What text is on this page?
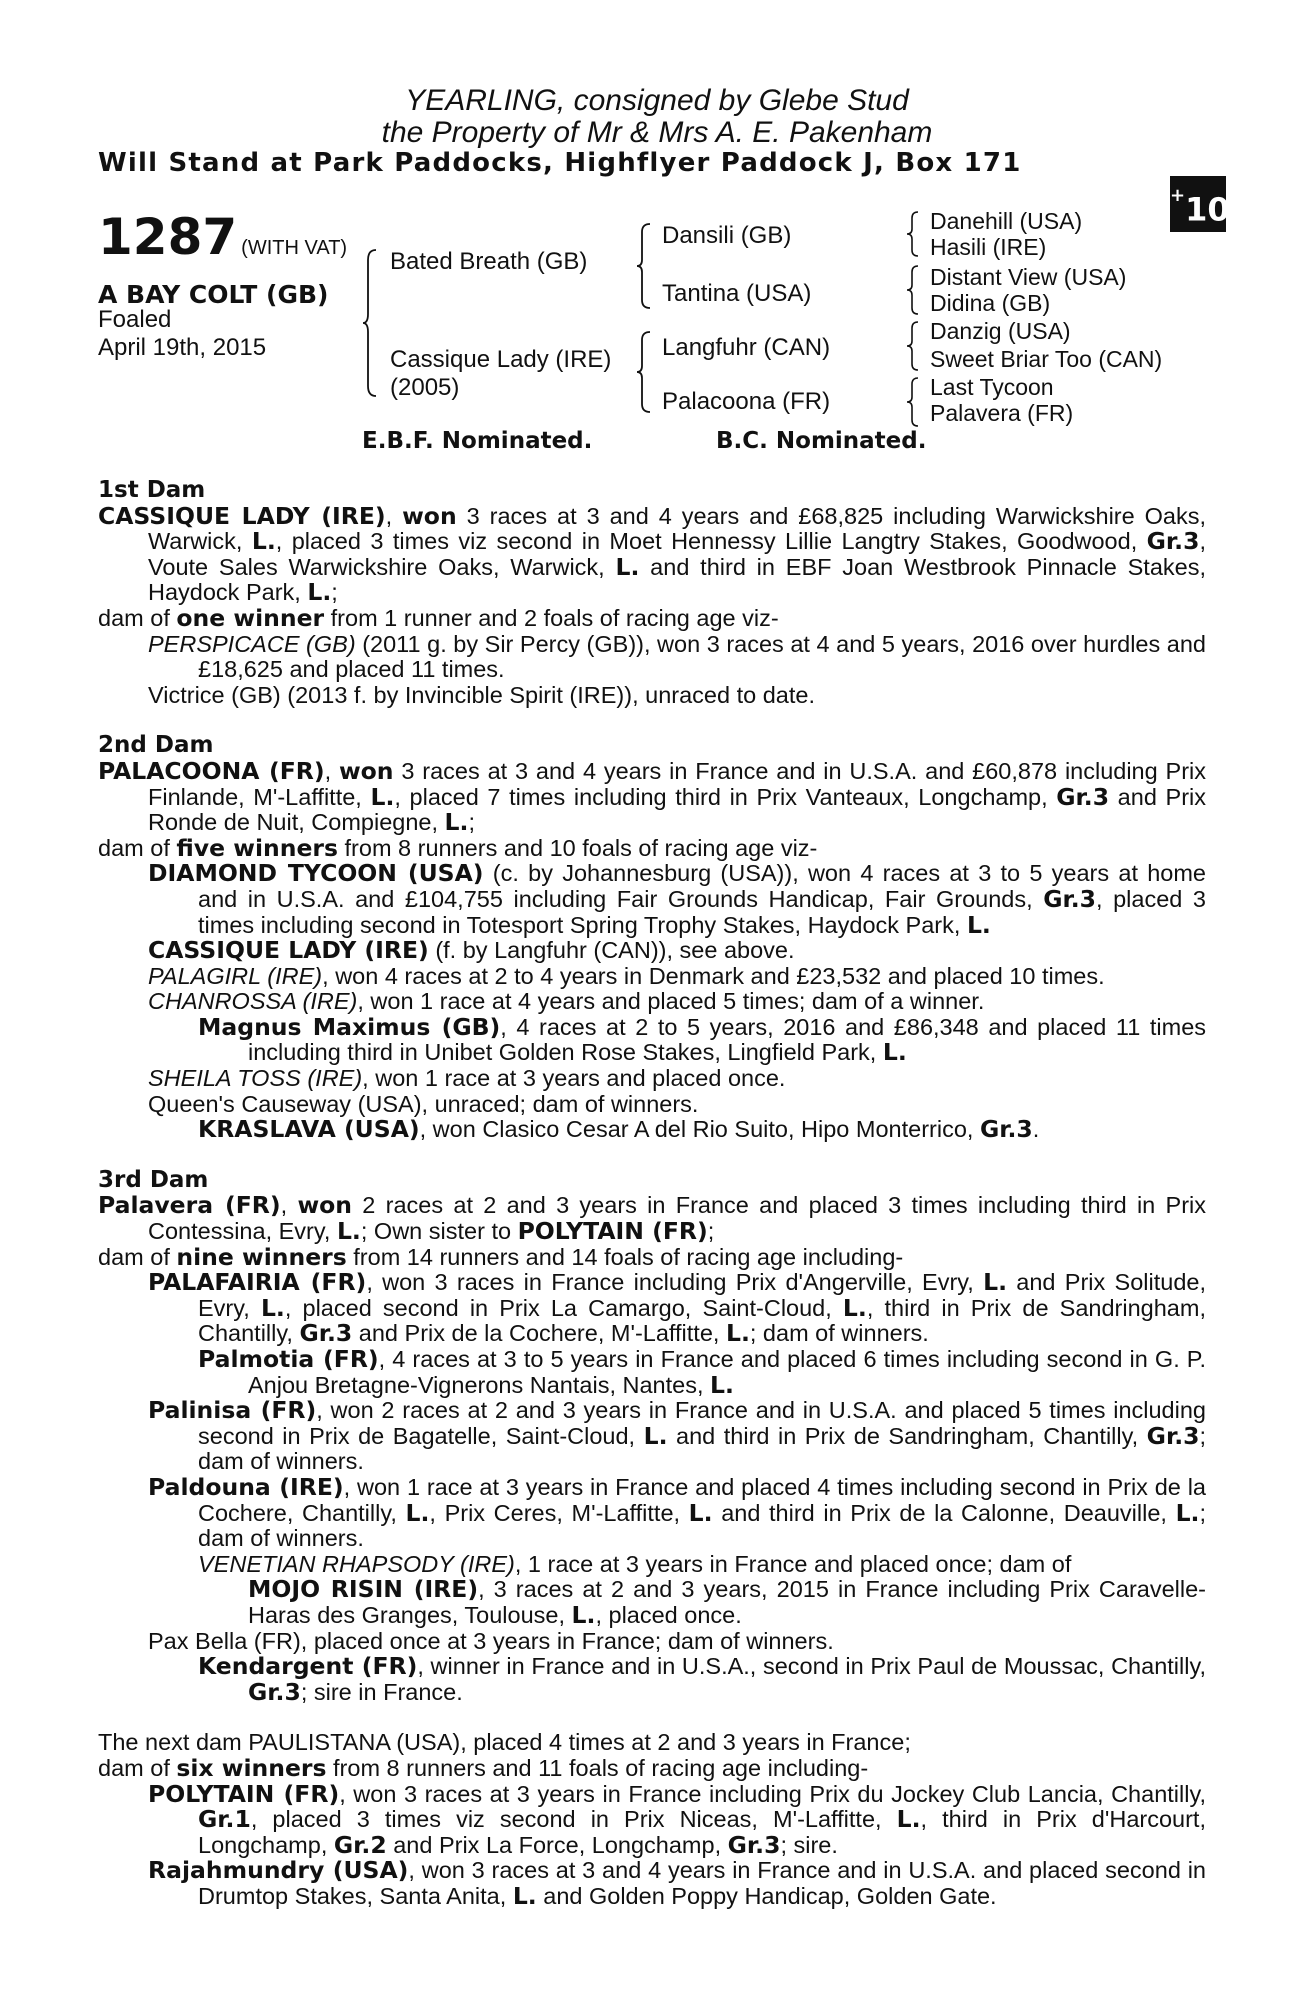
YEARLING, consigned by Glebe Stud
the Property of Mr & Mrs A. E. Pakenham
Will Stand at Park Paddocks, Highflyer Paddock J, Box 171
+10
1287 (WITH VAT)
A BAY COLT (GB)
Foaled
April 19th, 2015
Bated Breath (GB)
Cassique Lady (IRE)
(2005)
Dansili (GB)
Tantina (USA)
Langfuhr (CAN)
Palacoona (FR)
Danehill (USA)
Hasili (IRE)
Distant View (USA)
Didina (GB)
Danzig (USA)
Sweet Briar Too (CAN)
Last Tycoon
Palavera (FR)
E.B.F. Nominated.	B.C. Nominated.

1st Dam

CASSIQUE LADY (IRE), won 3 races at 3 and 4 years and £68,825 including Warwickshire Oaks, Warwick, L., placed 3 times viz second in Moet Hennessy Lillie Langtry Stakes, Goodwood, Gr.3, Voute Sales Warwickshire Oaks, Warwick, L. and third in EBF Joan Westbrook Pinnacle Stakes, Haydock Park, L.;

dam of one winner from 1 runner and 2 foals of racing age viz-

PERSPICACE (GB) (2011 g. by Sir Percy (GB)), won 3 races at 4 and 5 years, 2016 over hurdles and £18,625 and placed 11 times.

Victrice (GB) (2013 f. by Invincible Spirit (IRE)), unraced to date.

2nd Dam

PALACOONA (FR), won 3 races at 3 and 4 years in France and in U.S.A. and £60,878 including Prix Finlande, M'-Laffitte, L., placed 7 times including third in Prix Vanteaux, Longchamp, Gr.3 and Prix Ronde de Nuit, Compiegne, L.;

dam of five winners from 8 runners and 10 foals of racing age viz-

DIAMOND TYCOON (USA) (c. by Johannesburg (USA)), won 4 races at 3 to 5 years at home and in U.S.A. and £104,755 including Fair Grounds Handicap, Fair Grounds, Gr.3, placed 3 times including second in Totesport Spring Trophy Stakes, Haydock Park, L.

CASSIQUE LADY (IRE) (f. by Langfuhr (CAN)), see above.

PALAGIRL (IRE), won 4 races at 2 to 4 years in Denmark and £23,532 and placed 10 times.

CHANROSSA (IRE), won 1 race at 4 years and placed 5 times; dam of a winner.

Magnus Maximus (GB), 4 races at 2 to 5 years, 2016 and £86,348 and placed 11 times including third in Unibet Golden Rose Stakes, Lingfield Park, L.

SHEILA TOSS (IRE), won 1 race at 3 years and placed once.

Queen's Causeway (USA), unraced; dam of winners.

KRASLAVA (USA), won Clasico Cesar A del Rio Suito, Hipo Monterrico, Gr.3.

3rd Dam

Palavera (FR), won 2 races at 2 and 3 years in France and placed 3 times including third in Prix Contessina, Evry, L.; Own sister to POLYTAIN (FR);

dam of nine winners from 14 runners and 14 foals of racing age including-

PALAFAIRIA (FR), won 3 races in France including Prix d'Angerville, Evry, L. and Prix Solitude, Evry, L., placed second in Prix La Camargo, Saint-Cloud, L., third in Prix de Sandringham, Chantilly, Gr.3 and Prix de la Cochere, M'-Laffitte, L.; dam of winners.

Palmotia (FR), 4 races at 3 to 5 years in France and placed 6 times including second in G. P. Anjou Bretagne-Vignerons Nantais, Nantes, L.

Palinisa (FR), won 2 races at 2 and 3 years in France and in U.S.A. and placed 5 times including second in Prix de Bagatelle, Saint-Cloud, L. and third in Prix de Sandringham, Chantilly, Gr.3; dam of winners.

Paldouna (IRE), won 1 race at 3 years in France and placed 4 times including second in Prix de la Cochere, Chantilly, L., Prix Ceres, M'-Laffitte, L. and third in Prix de la Calonne, Deauville, L.; dam of winners.

VENETIAN RHAPSODY (IRE), 1 race at 3 years in France and placed once; dam of

MOJO RISIN (IRE), 3 races at 2 and 3 years, 2015 in France including Prix Caravelle-Haras des Granges, Toulouse, L., placed once.

Pax Bella (FR), placed once at 3 years in France; dam of winners.

Kendargent (FR), winner in France and in U.S.A., second in Prix Paul de Moussac, Chantilly, Gr.3; sire in France.

The next dam PAULISTANA (USA), placed 4 times at 2 and 3 years in France;

dam of six winners from 8 runners and 11 foals of racing age including-

POLYTAIN (FR), won 3 races at 3 years in France including Prix du Jockey Club Lancia, Chantilly, Gr.1, placed 3 times viz second in Prix Niceas, M'-Laffitte, L., third in Prix d'Harcourt, Longchamp, Gr.2 and Prix La Force, Longchamp, Gr.3; sire.

Rajahmundry (USA), won 3 races at 3 and 4 years in France and in U.S.A. and placed second in Drumtop Stakes, Santa Anita, L. and Golden Poppy Handicap, Golden Gate.
